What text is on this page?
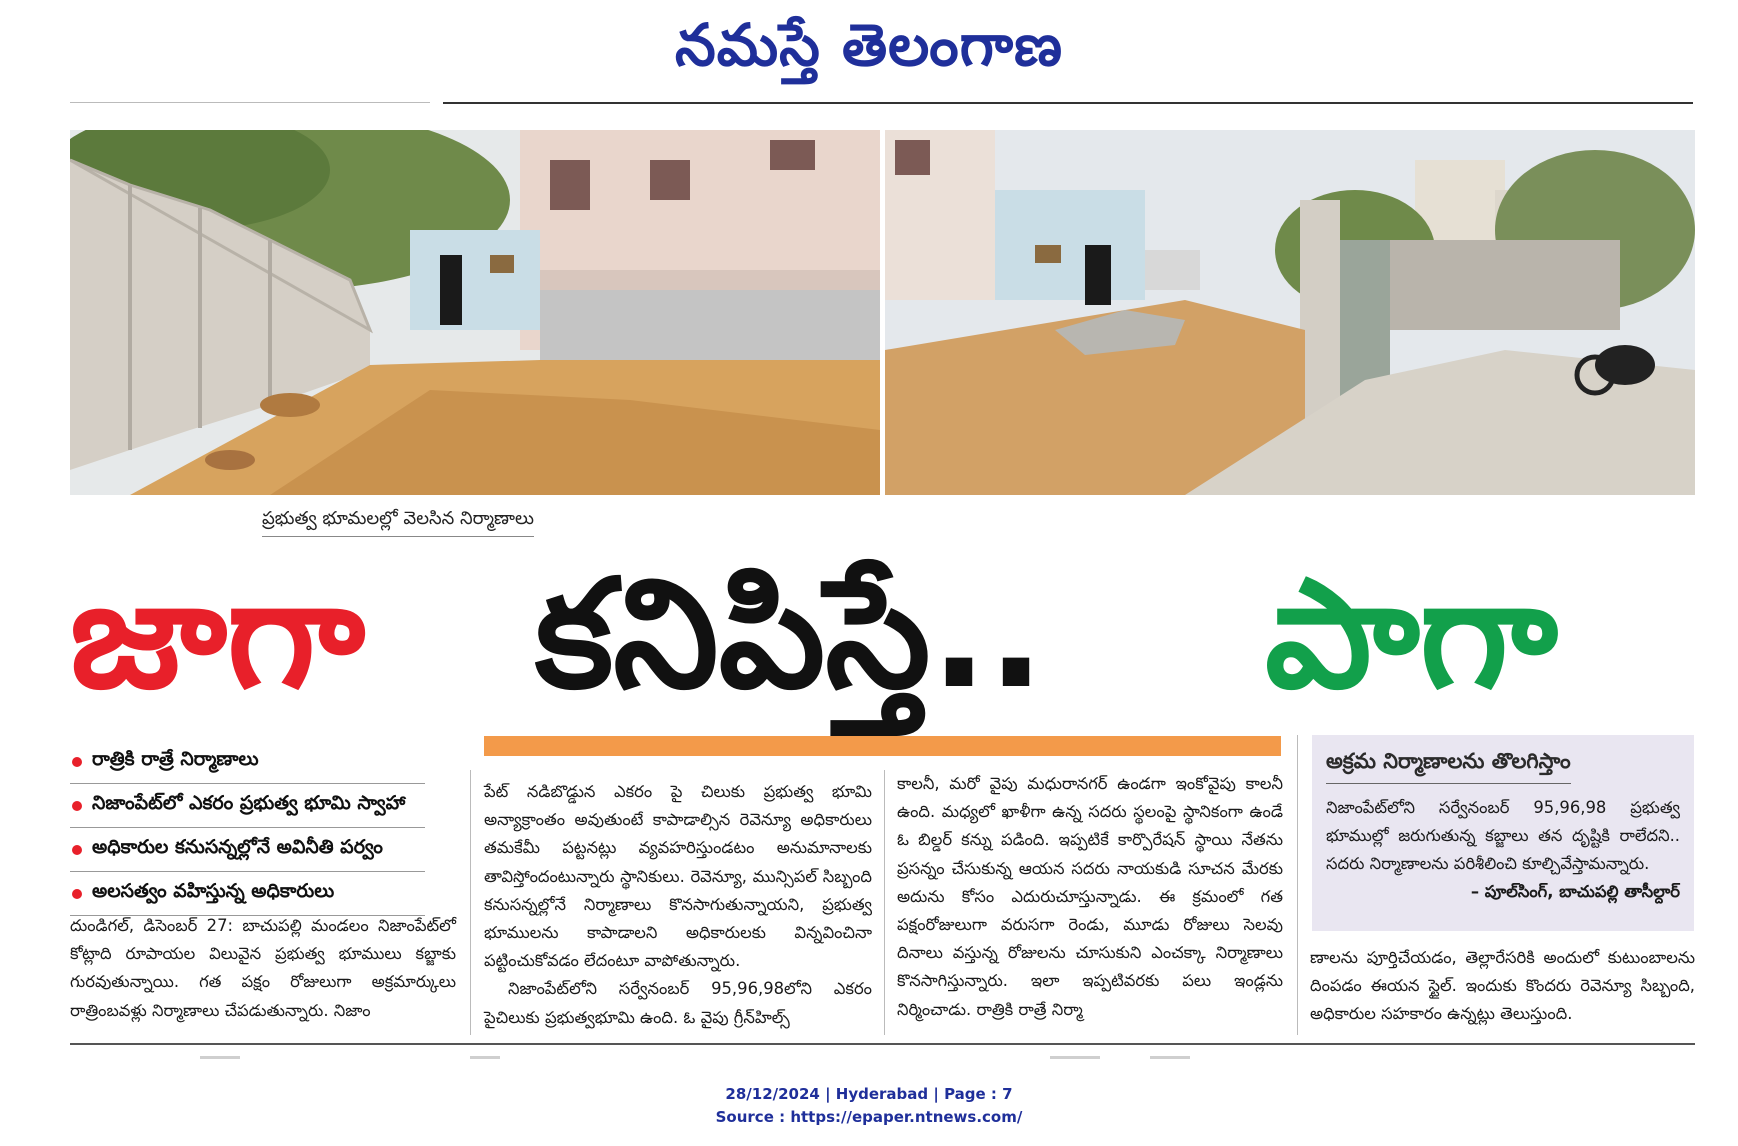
నమస్తే తెలంగాణ
ప్రభుత్వ భూమలల్లో వెలసిన నిర్మాణాలు
జాగా కనిపిస్తే.. పాగా
రాత్రికి రాత్రే నిర్మాణాలు
నిజాంపేట్‌లో ఎకరం ప్రభుత్వ భూమి స్వాహా
అధికారుల కనుసన్నల్లోనే అవినీతి పర్వం
అలసత్వం వహిస్తున్న అధికారులు

దుండిగల్, డిసెంబర్ 27: బాచుపల్లి మండలం నిజాంపేట్‌లో కోట్లాది రూపాయల విలువైన ప్రభుత్వ భూములు కబ్జాకు గురవుతున్నాయి. గత పక్షం రోజులుగా అక్రమార్కులు రాత్రింబవళ్లు నిర్మాణాలు చేపడుతున్నారు. నిజాం

పేట్ నడిబొడ్డున ఎకరం పై చిలుకు ప్రభుత్వ భూమి అన్యాక్రాంతం అవుతుంటే కాపాడాల్సిన రెవెన్యూ అధికారులు తమకేమీ పట్టనట్లు వ్యవహరిస్తుండటం అనుమానాలకు తావిస్తోందంటున్నారు స్థానికులు. రెవెన్యూ, మున్సిపల్ సిబ్బంది కనుసన్నల్లోనే నిర్మాణాలు కొనసాగుతున్నాయని, ప్రభుత్వ భూములను కాపాడాలని అధికారులకు విన్నవించినా పట్టించుకోవడం లేదంటూ వాపోతున్నారు.

నిజాంపేట్‌లోని సర్వేనంబర్ 95,96,98లోని ఎకరం పైచిలుకు ప్రభుత్వభూమి ఉంది. ఓ వైపు గ్రీన్‌హిల్స్

కాలనీ, మరో వైపు మధురానగర్ ఉండగా ఇంకోవైపు కాలనీ ఉంది. మధ్యలో ఖాళీగా ఉన్న సదరు స్థలంపై స్థానికంగా ఉండే ఓ బిల్డర్ కన్ను పడింది. ఇప్పటికే కార్పొరేషన్ స్థాయి నేతను ప్రసన్నం చేసుకున్న ఆయన సదరు నాయకుడి సూచన మేరకు అదును కోసం ఎదురుచూస్తున్నాడు. ఈ క్రమంలో గత పక్షంరోజులుగా వరుసగా రెండు, మూడు రోజులు సెలవు దినాలు వస్తున్న రోజులను చూసుకుని ఎంచక్కా నిర్మాణాలు కొనసాగిస్తున్నారు. ఇలా ఇప్పటివరకు పలు ఇండ్లను నిర్మించాడు. రాత్రికి రాత్రే నిర్మా

అక్రమ నిర్మాణాలను తొలగిస్తాం
నిజాంపేట్‌లోని సర్వేనంబర్ 95,96,98 ప్రభుత్వ భూముల్లో జరుగుతున్న కబ్జాలు తన దృష్టికి రాలేదని.. సదరు నిర్మాణాలను పరిశీలించి కూల్చివేస్తామన్నారు.
– పూల్‌సింగ్, బాచుపల్లి తాసీల్దార్

ణాలను పూర్తిచేయడం, తెల్లారేసరికి అందులో కుటుంబాలను దింపడం ఈయన స్టైల్. ఇందుకు కొందరు రెవెన్యూ సిబ్బంది, అధికారుల సహకారం ఉన్నట్లు తెలుస్తుంది.

28/12/2024 | Hyderabad | Page : 7
Source : https://epaper.ntnews.com/
